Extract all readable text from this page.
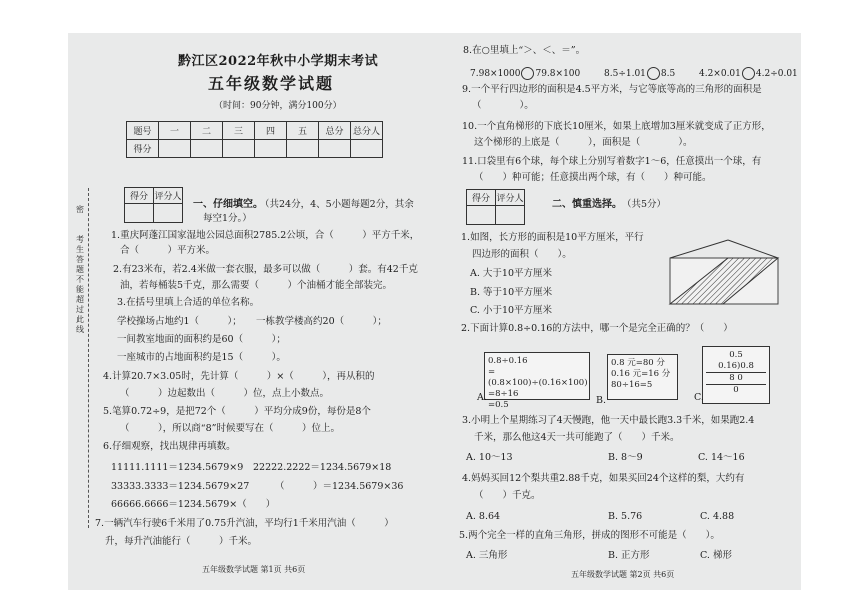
密
考
生
答
题
不
能
超
过
此
线
黔江区2022年秋中小学期末考试
五年级数学试题
（时间：90分钟，满分100分）
题号	一	二	三	四	五	总分	总分人
得分							
得分	评分人

一、仔细填空。
（共24分，4、5小题每题2分，其余
每空1分。）
1.重庆阿蓬江国家湿地公园总面积2785.2公顷，合（　　　）平方千米，
合（　　　）平方米。
2.有23米布，若2.4米做一套衣服，最多可以做（　　　）套。有42千克
油，若每桶装5千克，那么需要（　　　）个油桶才能全部装完。
3.在括号里填上合适的单位名称。
学校操场占地约1（　　　）；　　一栋教学楼高约20（　　　）；
一间教室地面的面积约是60（　　　）；
一座城市的占地面积约是15（　　　）。
4.计算20.7×3.05时，先计算（　　　）×（　　　），再从积的
（　　　）边起数出（　　　）位，点上小数点。
5.笔算0.72÷9，是把72个（　　　）平均分成9份，每份是8个
（　　　），所以商“8”时候要写在（　　　）位上。
6.仔细观察，找出规律再填数。
11111.1111＝1234.5679×9 22222.2222＝1234.5679×18
33333.3333＝1234.5679×27	（　　　）＝1234.5679×36
66666.6666＝1234.5679×（　　）
7.一辆汽车行驶6千米用了0.75升汽油，平均行1千米用汽油（　　　）
升，每升汽油能行（　　　）千米。
五年级数学试题 第1页 共6页
8.在○里填上“＞、＜、＝”。
7.98×1000 79.8×100	8.5÷1.01 8.5	4.2×0.01 4.2÷0.01
9.一个平行四边形的面积是4.5平方米，与它等底等高的三角形的面积是
（　　　　）。
10.一个直角梯形的下底长10厘米，如果上底增加3厘米就变成了正方形，
这个梯形的上底是（　　　），面积是（　　　　）。
11.口袋里有6个球，每个球上分别写着数字1～6，任意摸出一个球，有
（　　）种可能；任意摸出两个球，有（　　）种可能。
得分	评分人
		二、慎重选择。 （共5分）
1.如图，长方形的面积是10平方厘米，平行
四边形的面积（　　）。
A. 大于10平方厘米
B. 等于10平方厘米
C. 小于10平方厘米
2.下面计算0.8÷0.16的方法中，哪一个是完全正确的？（　　）
0.8÷0.16
=(0.8×100)÷(0.16×100)
=8÷16
=0.5
0.8 元=80 分
0.16 元=16 分
80÷16=5
0.5
0.16)0.8
8 0
0
A.	B.	C.
3.小明上个星期练习了4天慢跑，他一天中最长跑3.3千米，如果跑2.4
千米，那么他这4天一共可能跑了（　　）千米。
A. 10～13	B. 8～9	C. 14～16
4.妈妈买回12个梨共重2.88千克，如果买回24个这样的梨，大约有
（　　）千克。
A. 8.64	B. 5.76	C. 4.88
5.两个完全一样的直角三角形，拼成的图形不可能是（　　）。
A. 三角形	B. 正方形	C. 梯形
五年级数学试题 第2页 共6页
